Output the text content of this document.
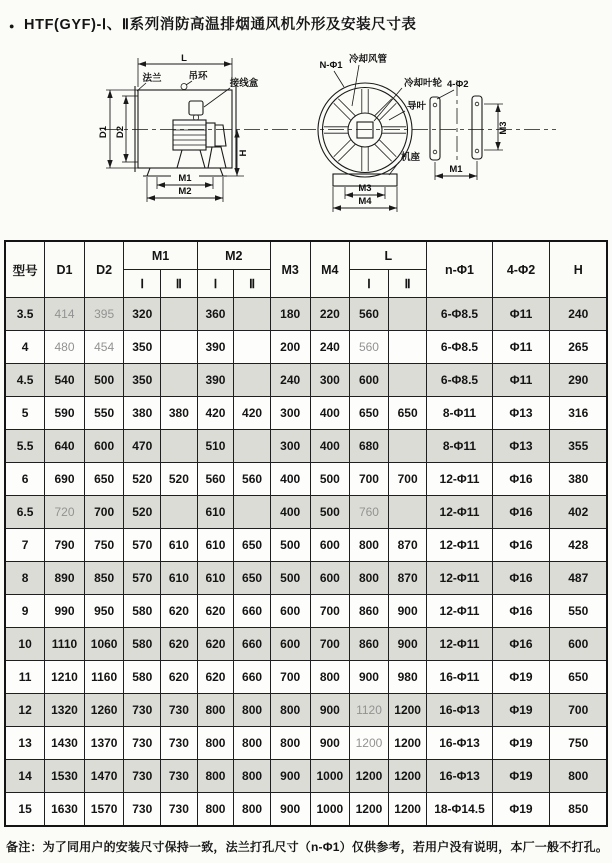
● HTF(GYF)-Ⅰ、Ⅱ系列消防高温排烟通风机外形及安装尺寸表
L
D1 D2
H
M1
M2
法兰	吊环
接线盒
M3
M4
M3
M1
N-Φ1
冷却风管
冷却叶轮 4-Φ2
导叶
机座
型号	D1	D2	M1		M2		M3	M4	L		n-Φ1	4-Φ2	H
			Ⅰ	Ⅱ	Ⅰ	Ⅱ			Ⅰ	Ⅱ			
3.5	414	395	320		360		180	220	560		6-Φ8.5	Φ11	240
4	480	454	350		390		200	240	560		6-Φ8.5	Φ11	265
4.5	540	500	350		390		240	300	600		6-Φ8.5	Φ11	290
5	590	550	380	380	420	420	300	400	650	650	8-Φ11	Φ13	316
5.5	640	600	470		510		300	400	680		8-Φ11	Φ13	355
6	690	650	520	520	560	560	400	500	700	700	12-Φ11	Φ16	380
6.5	720	700	520		610		400	500	760		12-Φ11	Φ16	402
7	790	750	570	610	610	650	500	600	800	870	12-Φ11	Φ16	428
8	890	850	570	610	610	650	500	600	800	870	12-Φ11	Φ16	487
9	990	950	580	620	620	660	600	700	860	900	12-Φ11	Φ16	550
10	1110	1060	580	620	620	660	600	700	860	900	12-Φ11	Φ16	600
11	1210	1160	580	620	620	660	700	800	900	980	16-Φ11	Φ19	650
12	1320	1260	730	730	800	800	800	900	1120	1200	16-Φ13	Φ19	700
13	1430	1370	730	730	800	800	800	900	1200	1200	16-Φ13	Φ19	750
14	1530	1470	730	730	800	800	900	1000	1200	1200	16-Φ13	Φ19	800
15	1630	1570	730	730	800	800	900	1000	1200	1200	18-Φ14.5	Φ19	850
备注：为了同用户的安装尺寸保持一致，法兰打孔尺寸（n-Φ1）仅供参考，若用户没有说明，本厂一般不打孔。
